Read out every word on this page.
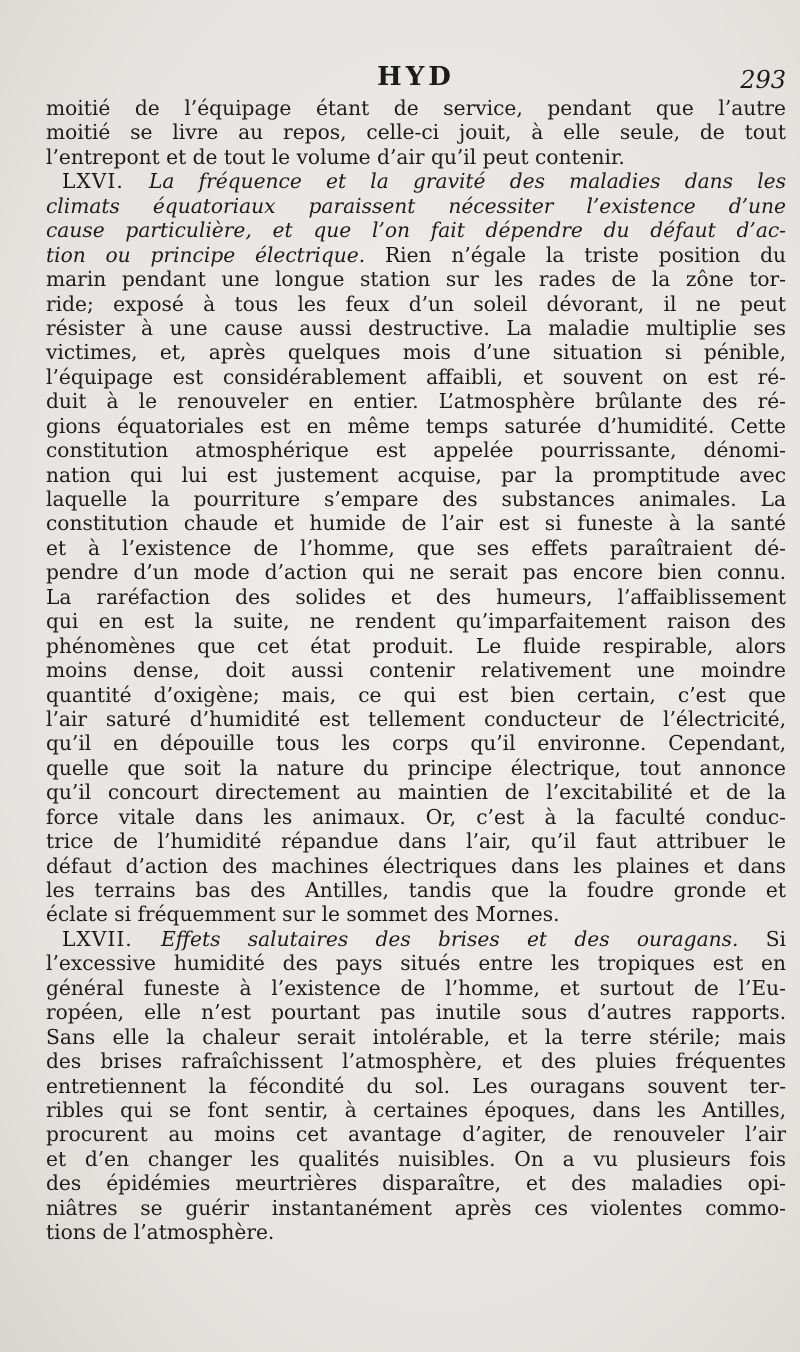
HYD	293
moitié de l’équipage étant de service, pendant que l’autre
moitié se livre au repos, celle-ci jouit, à elle seule, de tout
l’entrepont et de tout le volume d’air qu’il peut contenir.
LXVI. La fréquence et la gravité des maladies dans les
climats équatoriaux paraissent nécessiter l’existence d’une
cause particulière, et que l’on fait dépendre du défaut d’ac-
tion ou principe électrique. Rien n’égale la triste position du
marin pendant une longue station sur les rades de la zône tor-
ride; exposé à tous les feux d’un soleil dévorant, il ne peut
résister à une cause aussi destructive. La maladie multiplie ses
victimes, et, après quelques mois d’une situation si pénible,
l’équipage est considérablement affaibli, et souvent on est ré-
duit à le renouveler en entier. L’atmosphère brûlante des ré-
gions équatoriales est en même temps saturée d’humidité. Cette
constitution atmosphérique est appelée pourrissante, dénomi-
nation qui lui est justement acquise, par la promptitude avec
laquelle la pourriture s’empare des substances animales. La
constitution chaude et humide de l’air est si funeste à la santé
et à l’existence de l’homme, que ses effets paraîtraient dé-
pendre d’un mode d’action qui ne serait pas encore bien connu.
La raréfaction des solides et des humeurs, l’affaiblissement
qui en est la suite, ne rendent qu’imparfaitement raison des
phénomènes que cet état produit. Le fluide respirable, alors
moins dense, doit aussi contenir relativement une moindre
quantité d’oxigène; mais, ce qui est bien certain, c’est que
l’air saturé d’humidité est tellement conducteur de l’électricité,
qu’il en dépouille tous les corps qu’il environne. Cependant,
quelle que soit la nature du principe électrique, tout annonce
qu’il concourt directement au maintien de l’excitabilité et de la
force vitale dans les animaux. Or, c’est à la faculté conduc-
trice de l’humidité répandue dans l’air, qu’il faut attribuer le
défaut d’action des machines électriques dans les plaines et dans
les terrains bas des Antilles, tandis que la foudre gronde et
éclate si fréquemment sur le sommet des Mornes.
LXVII. Effets salutaires des brises et des ouragans. Si
l’excessive humidité des pays situés entre les tropiques est en
général funeste à l’existence de l’homme, et surtout de l’Eu-
ropéen, elle n’est pourtant pas inutile sous d’autres rapports.
Sans elle la chaleur serait intolérable, et la terre stérile; mais
des brises rafraîchissent l’atmosphère, et des pluies fréquentes
entretiennent la fécondité du sol. Les ouragans souvent ter-
ribles qui se font sentir, à certaines époques, dans les Antilles,
procurent au moins cet avantage d’agiter, de renouveler l’air
et d’en changer les qualités nuisibles. On a vu plusieurs fois
des épidémies meurtrières disparaître, et des maladies opi-
niâtres se guérir instantanément après ces violentes commo-
tions de l’atmosphère.
